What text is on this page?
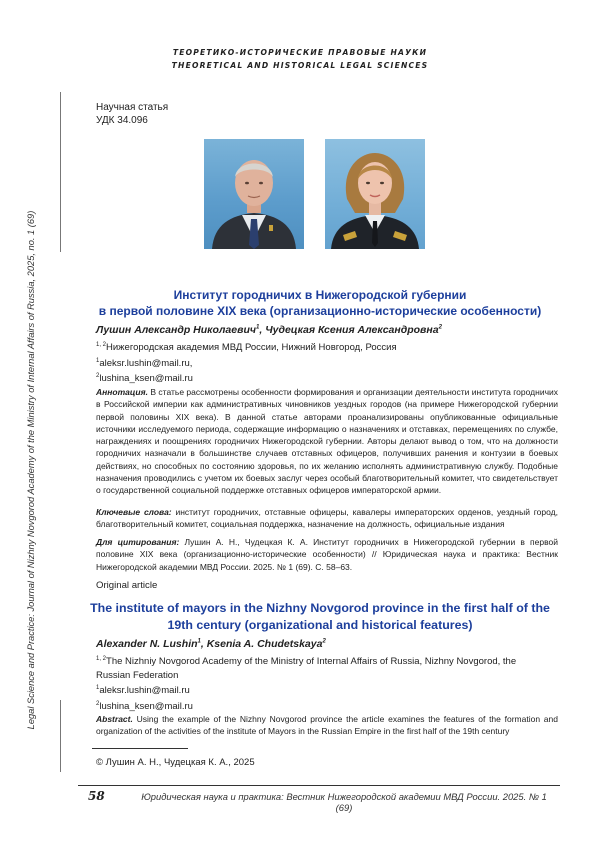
ТЕОРЕТИКО-ИСТОРИЧЕСКИЕ ПРАВОВЫЕ НАУКИ
THEORETICAL AND HISTORICAL LEGAL SCIENCES
Legal Science and Practice: Journal of Nizhny Novgorod Academy of the Ministry of Internal Affairs of Russia, 2025, no. 1 (69)
Научная статья
УДК 34.096
Институт городничих в Нижегородской губернии
в первой половине XIX века (организационно-исторические особенности)
Лушин Александр Николаевич$^1$, Чудецкая Ксения Александровна$^2$
$^{1, 2}$Нижегородская академия МВД России, Нижний Новгород, Россия
$^1$aleksr.lushin@mail.ru,
$^2$lushina_ksen@mail.ru
Аннотация. В статье рассмотрены особенности формирования и организации деятельности института городничих в Российской империи как административных чиновников уездных городов (на примере Нижегородской губернии первой половины XIX века). В данной статье авторами проанализированы опубликованные официальные источники исследуемого периода, содержащие информацию о назначениях и отставках, перемещениях по службе, награждениях и поощрениях городничих Нижегородской губернии. Авторы делают вывод о том, что на должности городничих назначали в большинстве случаев отставных офицеров, получивших ранения и контузии в боевых действиях, но способных по состоянию здоровья, по их желанию исполнять административную службу. Подобные назначения проводились с учетом их боевых заслуг через особый благотворительный комитет, что свидетельствует о государственной социальной поддержке отставных офицеров императорской армии.
Ключевые слова: институт городничих, отставные офицеры, кавалеры императорских орденов, уездный город, благотворительный комитет, социальная поддержка, назначение на должность, официальные издания
Для цитирования: Лушин А. Н., Чудецкая К. А. Институт городничих в Нижегородской губернии в первой половине XIX века (организационно-исторические особенности) // Юридическая наука и практика: Вестник Нижегородской академии МВД России. 2025. № 1 (69). С. 58–63.
Original article
The institute of mayors in the Nizhny Novgorod province in the first half of the
19th century (organizational and historical features)
Alexander N. Lushin$^1$, Ksenia A. Chudetskaya$^2$
$^{1, 2}$The Nizhniy Novgorod Academy of the Ministry of Internal Affairs of Russia, Nizhny Novgorod, the
Russian Federation
$^1$aleksr.lushin@mail.ru
$^2$lushina_ksen@mail.ru
Abstract. Using the example of the Nizhny Novgorod province the article examines the features of the formation and organization of the activities of the institute of Mayors in the Russian Empire in the first half of the 19th century
© Лушин А. Н., Чудецкая К. А., 2025
58	Юридическая наука и практика: Вестник Нижегородской академии МВД России. 2025. № 1 (69)
